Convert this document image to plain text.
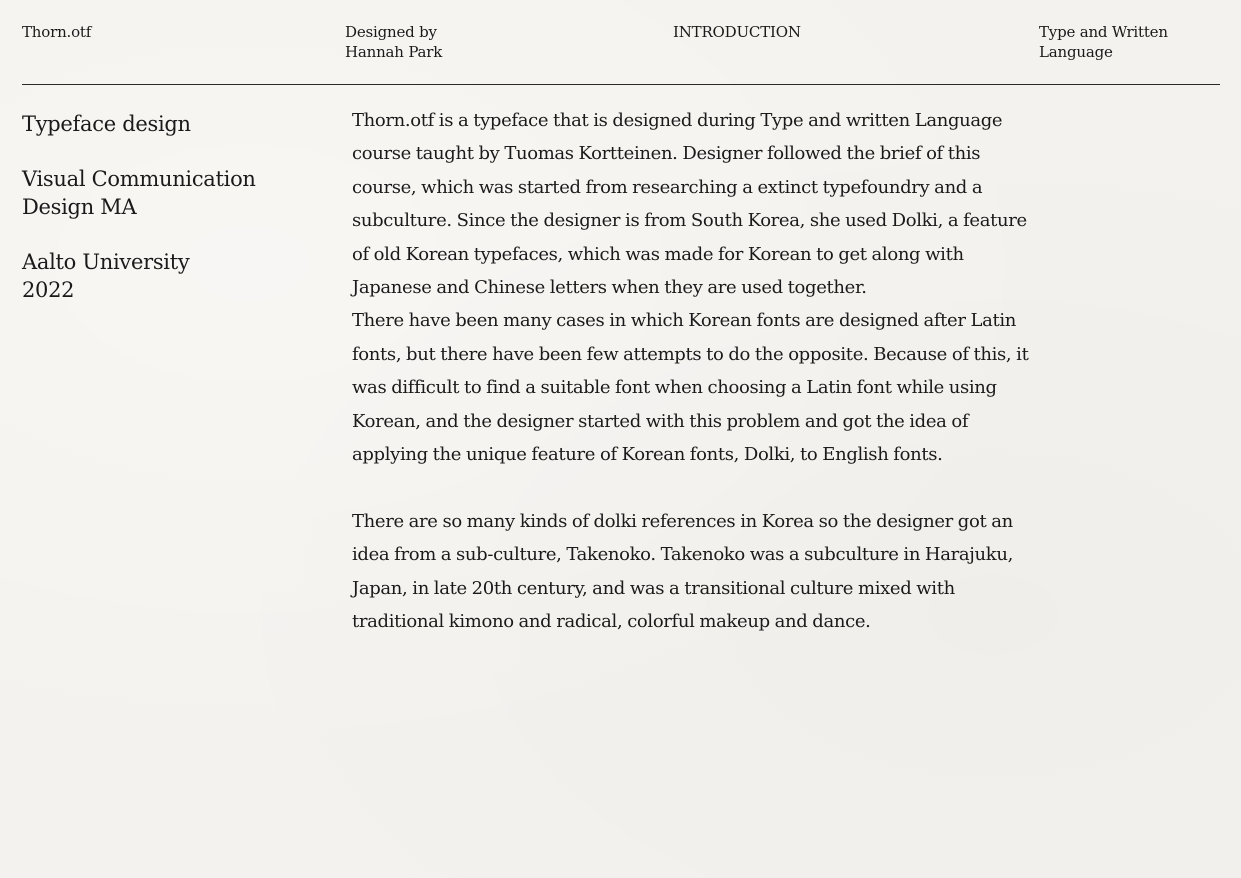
Thorn.otf	Designed by
Hannah Park
INTRODUCTION	Type and Written
Language

Typeface design

Visual Communication
Design MA

Aalto University
2022

Thorn.otf is a typeface that is designed during Type and written Language course taught by Tuomas Kortteinen. Designer followed the brief of this course, which was started from researching a extinct typefoundry and a subculture. Since the designer is from South Korea, she used Dolki, a feature of old Korean typefaces, which was made for Korean to get along with Japanese and Chinese letters when they are used together.

There have been many cases in which Korean fonts are designed after Latin fonts, but there have been few attempts to do the opposite. Because of this, it was difficult to find a suitable font when choosing a Latin font while using Korean, and the designer started with this problem and got the idea of applying the unique feature of Korean fonts, Dolki, to English fonts.

There are so many kinds of dolki references in Korea so the designer got an idea from a sub-culture, Takenoko. Takenoko was a subculture in Harajuku, Japan, in late 20th century, and was a transitional culture mixed with traditional kimono and radical, colorful makeup and dance.
